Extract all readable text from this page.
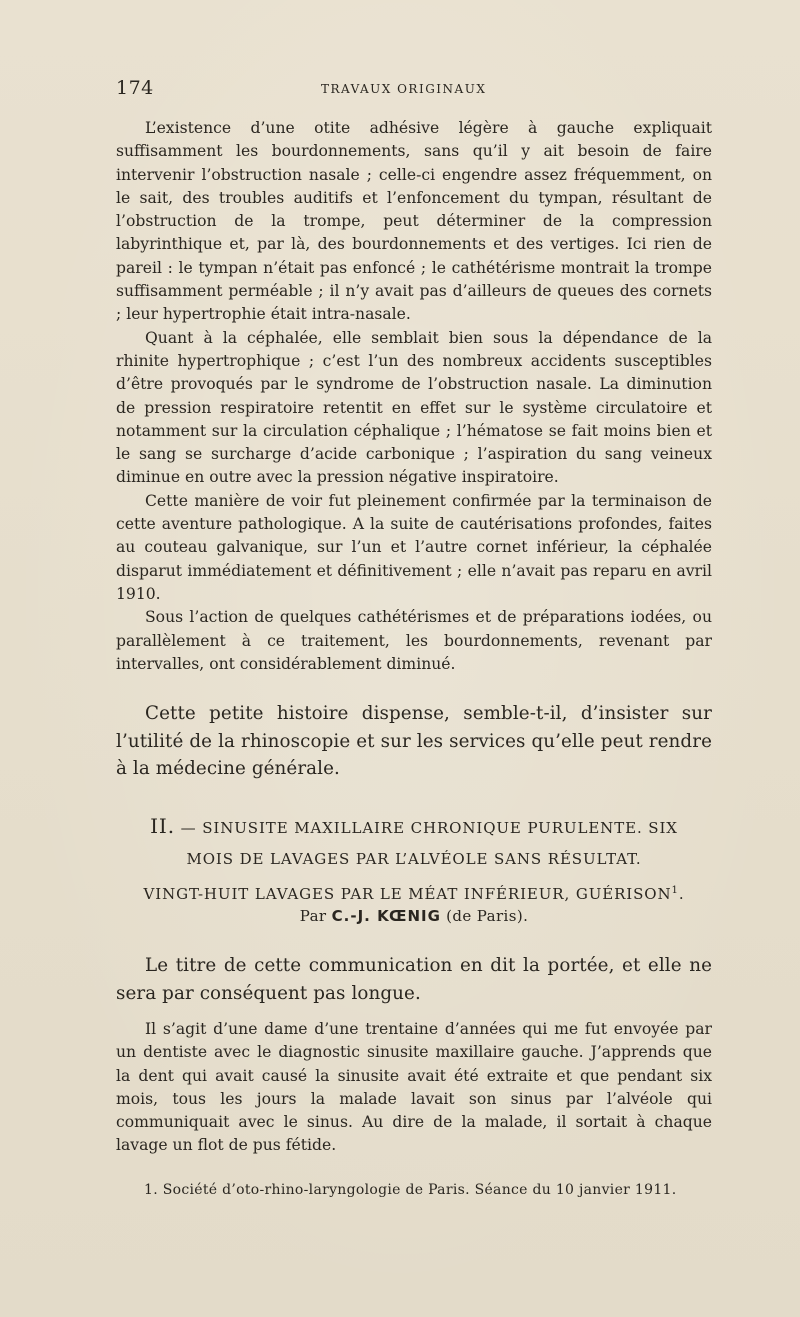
174	TRAVAUX ORIGINAUX

L’existence d’une otite adhésive légère à gauche expliquait suffisamment les bourdonnements, sans qu’il y ait besoin de faire intervenir l’obstruction nasale ; celle-ci engendre assez fréquemment, on le sait, des troubles auditifs et l’enfoncement du tympan, résultant de l’obstruction de la trompe, peut déterminer de la compression labyrinthique et, par là, des bourdonnements et des vertiges. Ici rien de pareil : le tympan n’était pas enfoncé ; le cathétérisme montrait la trompe suffisamment perméable ; il n’y avait pas d’ailleurs de queues des cornets ; leur hypertrophie était intra-nasale.

Quant à la céphalée, elle semblait bien sous la dépendance de la rhinite hypertrophique ; c’est l’un des nombreux accidents susceptibles d’être provoqués par le syndrome de l’obstruction nasale. La diminution de pression respiratoire retentit en effet sur le système circulatoire et notamment sur la circulation céphalique ; l’hématose se fait moins bien et le sang se surcharge d’acide carbonique ; l’aspiration du sang veineux diminue en outre avec la pression négative inspiratoire.

Cette manière de voir fut pleinement confirmée par la terminaison de cette aventure pathologique. A la suite de cautérisations profondes, faites au couteau galvanique, sur l’un et l’autre cornet inférieur, la céphalée disparut immédiatement et définitivement ; elle n’avait pas reparu en avril 1910.

Sous l’action de quelques cathétérismes et de préparations iodées, ou parallèlement à ce traitement, les bourdonnements, revenant par intervalles, ont considérablement diminué.

Cette petite histoire dispense, semble-t-il, d’insister sur l’utilité de la rhinoscopie et sur les services qu’elle peut rendre à la médecine générale.

II. — SINUSITE MAXILLAIRE CHRONIQUE PURULENTE. SIX
MOIS DE LAVAGES PAR L’ALVÉOLE SANS RÉSULTAT.
VINGT-HUIT LAVAGES PAR LE MÉAT INFÉRIEUR, GUÉRISON$^1$.
Par C.-J. KŒNIG (de Paris).

Le titre de cette communication en dit la portée, et elle ne sera par conséquent pas longue.

Il s’agit d’une dame d’une trentaine d’années qui me fut envoyée par un dentiste avec le diagnostic sinusite maxillaire gauche. J’apprends que la dent qui avait causé la sinusite avait été extraite et que pendant six mois, tous les jours la malade lavait son sinus par l’alvéole qui communiquait avec le sinus. Au dire de la malade, il sortait à chaque lavage un flot de pus fétide.

1. Société d’oto-rhino-laryngologie de Paris. Séance du 10 janvier 1911.
